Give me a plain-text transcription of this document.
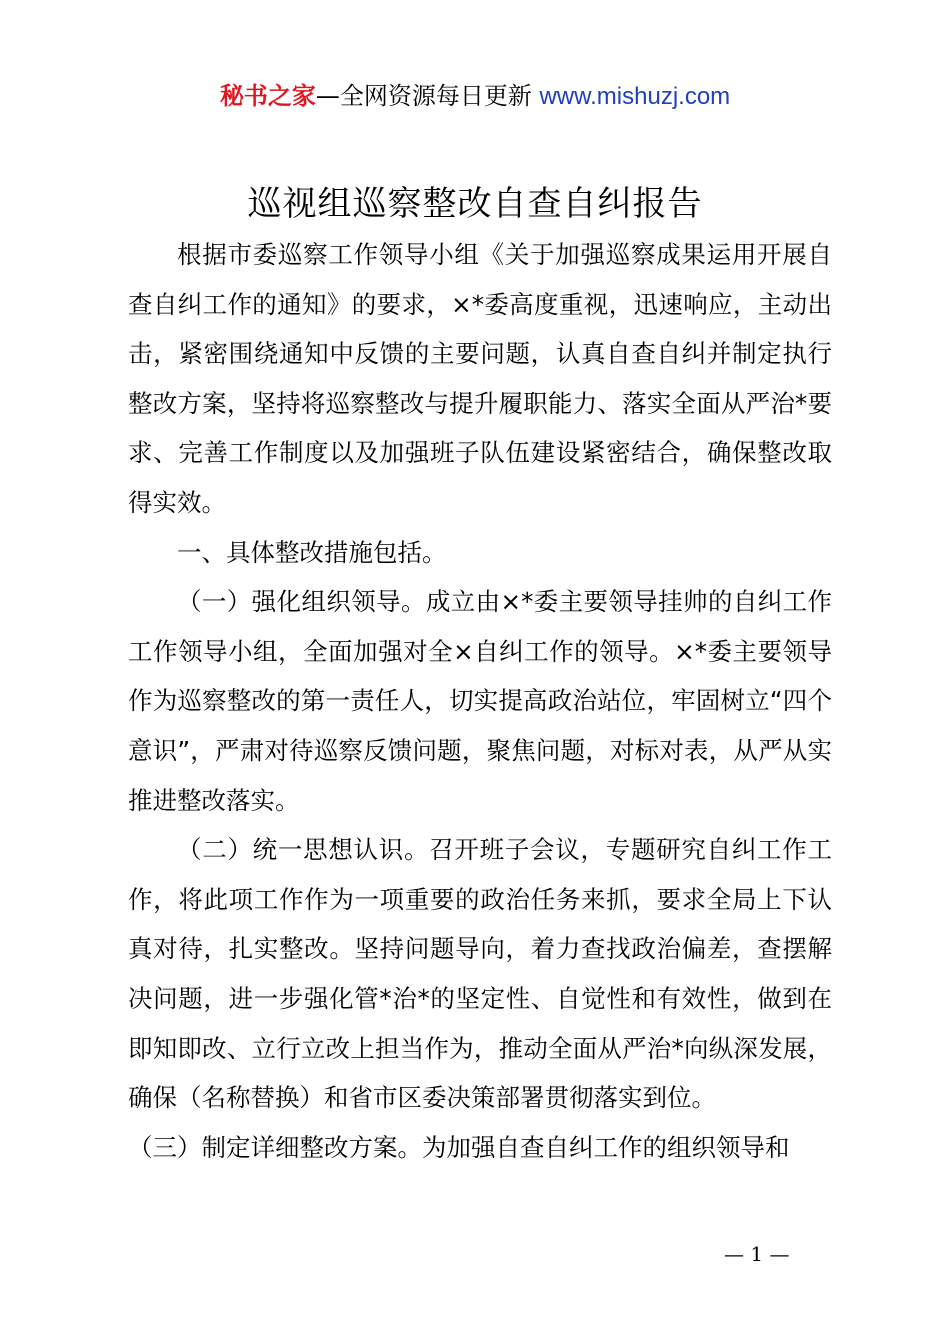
秘书之家—全网资源每日更新 www.mishuzj.com
巡视组巡察整改自查自纠报告

根据市委巡察工作领导小组《关于加强巡察成果运用开展自查自纠工作的通知》的要求，×*委高度重视，迅速响应，主动出击，紧密围绕通知中反馈的主要问题，认真自查自纠并制定执行整改方案，坚持将巡察整改与提升履职能力、落实全面从严治*要求、完善工作制度以及加强班子队伍建设紧密结合，确保整改取得实效。

一、具体整改措施包括。

（一）强化组织领导。成立由×*委主要领导挂帅的自纠工作工作领导小组，全面加强对全×自纠工作的领导。×*委主要领导作为巡察整改的第一责任人，切实提高政治站位，牢固树立“四个意识”，严肃对待巡察反馈问题，聚焦问题，对标对表，从严从实推进整改落实。

（二）统一思想认识。召开班子会议，专题研究自纠工作工作，将此项工作作为一项重要的政治任务来抓，要求全局上下认真对待，扎实整改。坚持问题导向，着力查找政治偏差，查摆解决问题，进一步强化管*治*的坚定性、自觉性和有效性，做到在即知即改、立行立改上担当作为，推动全面从严治*向纵深发展，确保（名称替换）和省市区委决策部署贯彻落实到位。

（三）制定详细整改方案。为加强自查自纠工作的组织领导和

— 1 —
